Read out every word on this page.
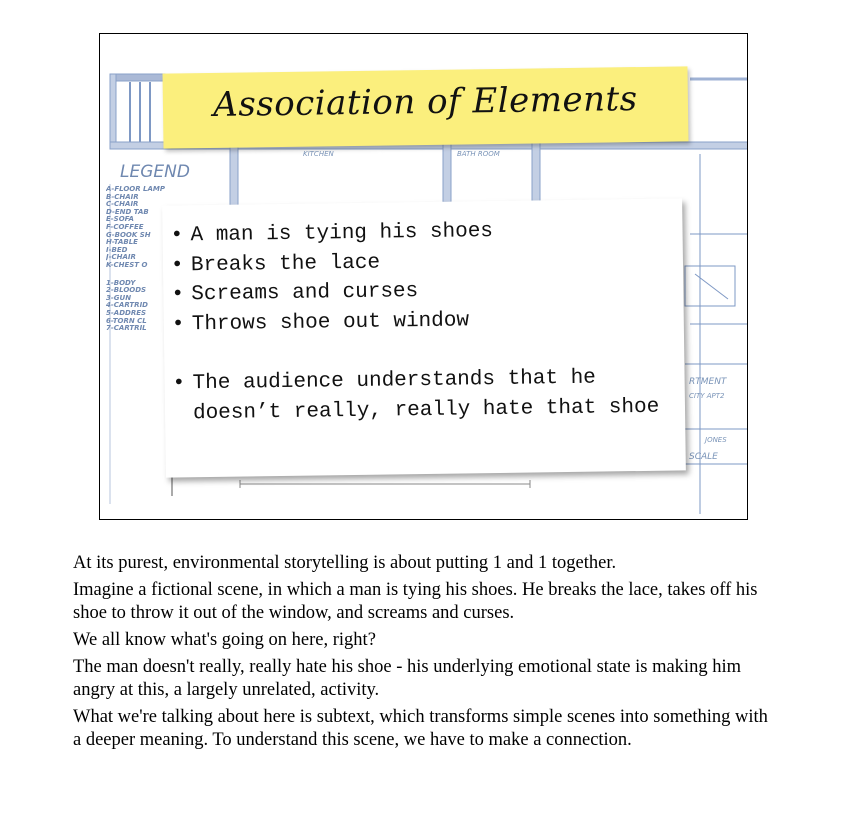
LEGEND
A-FLOOR LAMP
B-CHAIR
C-CHAIR
D-END TAB
E-SOFA
F-COFFEE
G-BOOK SH
H-TABLE
I-BED
J-CHAIR
K-CHEST O
1-BODY
2-BLOODS
3-GUN
4-CARTRID
5-ADDRES
6-TORN CL
7-CARTRIL
KITCHEN	BATH ROOM
RTMENT
CITY APT2
JONES
SCALE
Association of Elements
• A man is tying his shoes
• Breaks the lace
• Screams and curses
• Throws shoe out window
• The audience understands that he doesn’t really, really hate that shoe

At its purest, environmental storytelling is about putting 1 and 1 together.

Imagine a fictional scene, in which a man is tying his shoes. He breaks the lace, takes off his shoe to throw it out of the window, and screams and curses.

We all know what's going on here, right?

The man doesn't really, really hate his shoe - his underlying emotional state is making him angry at this, a largely unrelated, activity.

What we're talking about here is subtext, which transforms simple scenes into something with a deeper meaning. To understand this scene, we have to make a connection.
